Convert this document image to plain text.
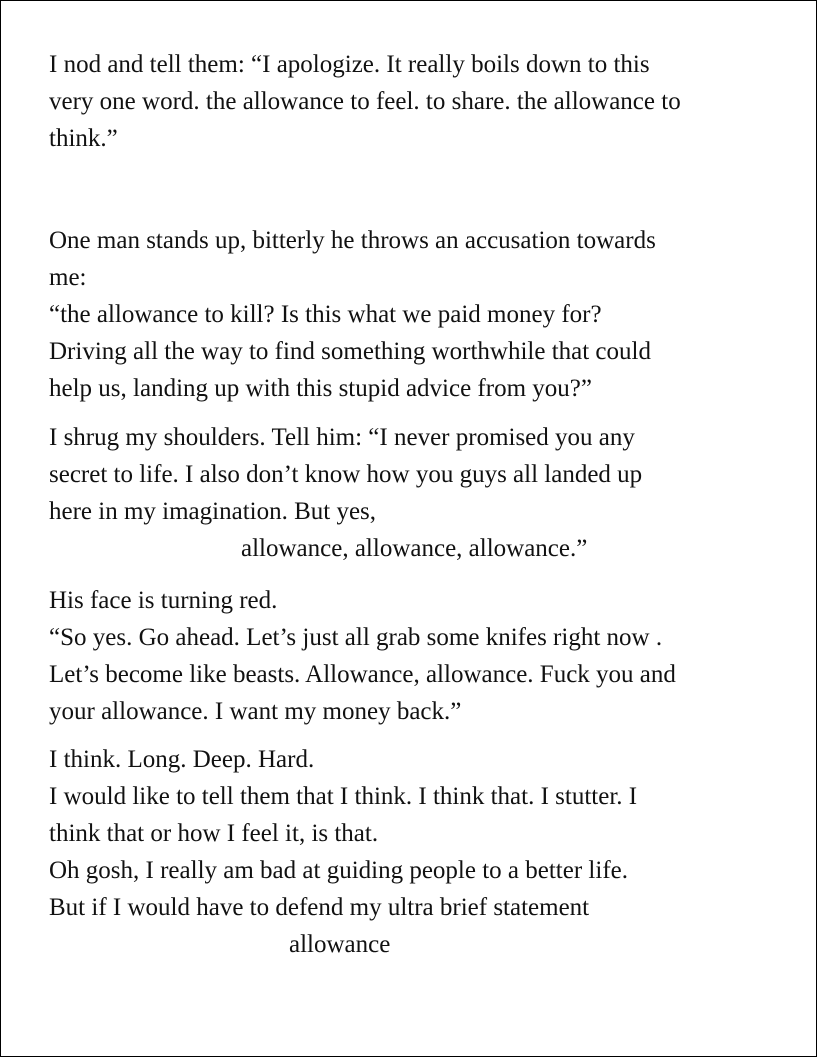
I nod and tell them: “I apologize. It really boils down to this
very one word. the allowance to feel. to share. the allowance to
think.”
One man stands up, bitterly he throws an accusation towards
me:
“the allowance to kill? Is this what we paid money for?
Driving all the way to find something worthwhile that could
help us, landing up with this stupid advice from you?”
I shrug my shoulders. Tell him: “I never promised you any
secret to life. I also don’t know how you guys all landed up
here in my imagination. But yes,
allowance, allowance, allowance.”
His face is turning red.
“So yes. Go ahead. Let’s just all grab some knifes right now .
Let’s become like beasts. Allowance, allowance. Fuck you and
your allowance. I want my money back.”
I think. Long. Deep. Hard.
I would like to tell them that I think. I think that. I stutter. I
think that or how I feel it, is that.
Oh gosh, I really am bad at guiding people to a better life.
But if I would have to defend my ultra brief statement
allowance
